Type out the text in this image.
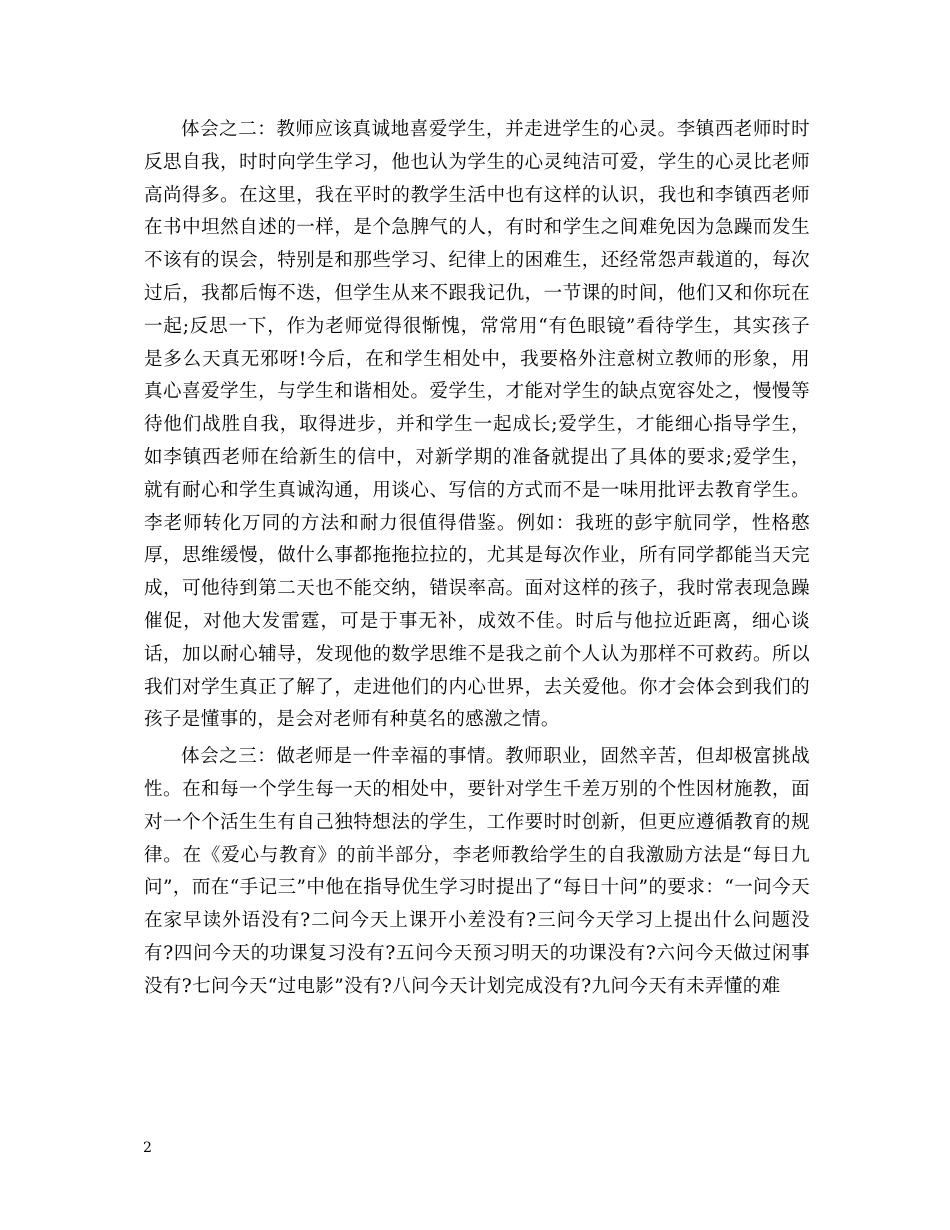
体会之二：教师应该真诚地喜爱学生，并走进学生的心灵。李镇西老师时时反思自我，时时向学生学习，他也认为学生的心灵纯洁可爱，学生的心灵比老师高尚得多。在这里，我在平时的教学生活中也有这样的认识，我也和李镇西老师在书中坦然自述的一样，是个急脾气的人，有时和学生之间难免因为急躁而发生不该有的误会，特别是和那些学习、纪律上的困难生，还经常怨声载道的，每次过后，我都后悔不迭，但学生从来不跟我记仇，一节课的时间，他们又和你玩在一起;反思一下，作为老师觉得很惭愧，常常用“有色眼镜”看待学生，其实孩子是多么天真无邪呀!今后，在和学生相处中，我要格外注意树立教师的形象，用真心喜爱学生，与学生和谐相处。爱学生，才能对学生的缺点宽容处之，慢慢等待他们战胜自我，取得进步，并和学生一起成长;爱学生，才能细心指导学生，如李镇西老师在给新生的信中，对新学期的准备就提出了具体的要求;爱学生，就有耐心和学生真诚沟通，用谈心、写信的方式而不是一味用批评去教育学生。李老师转化万同的方法和耐力很值得借鉴。例如：我班的彭宇航同学，性格憨厚，思维缓慢，做什么事都拖拖拉拉的，尤其是每次作业，所有同学都能当天完成，可他待到第二天也不能交纳，错误率高。面对这样的孩子，我时常表现急躁催促，对他大发雷霆，可是于事无补，成效不佳。时后与他拉近距离，细心谈话，加以耐心辅导，发现他的数学思维不是我之前个人认为那样不可救药。所以我们对学生真正了解了，走进他们的内心世界，去关爱他。你才会体会到我们的孩子是懂事的，是会对老师有种莫名的感激之情。

体会之三：做老师是一件幸福的事情。教师职业，固然辛苦，但却极富挑战性。在和每一个学生每一天的相处中，要针对学生千差万别的个性因材施教，面对一个个活生生有自己独特想法的学生，工作要时时创新，但更应遵循教育的规律。在《爱心与教育》的前半部分，李老师教给学生的自我激励方法是“每日九问”，而在“手记三”中他在指导优生学习时提出了“每日十问”的要求：“一问今天在家早读外语没有?二问今天上课开小差没有?三问今天学习上提出什么问题没有?四问今天的功课复习没有?五问今天预习明天的功课没有?六问今天做过闲事没有?七问今天“过电影”没有?八问今天计划完成没有?九问今天有未弄懂的难

2
